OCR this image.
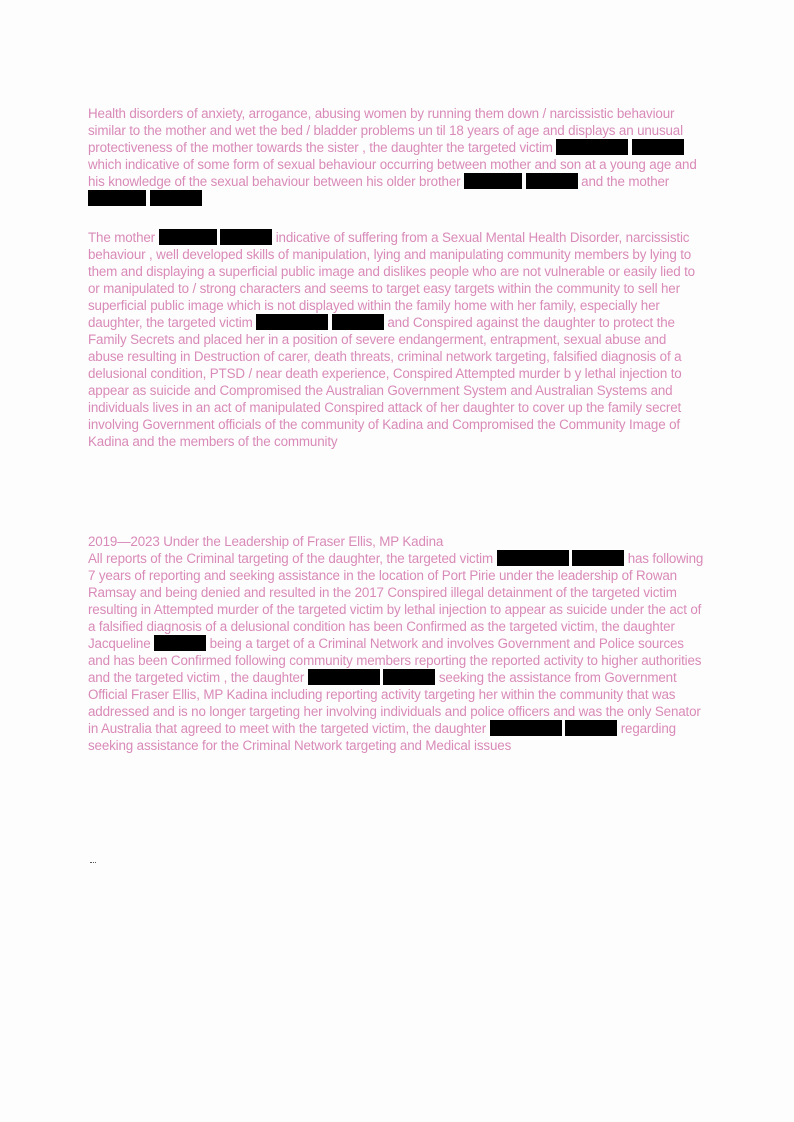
Health disorders of anxiety, arrogance, abusing women by running them down / narcissistic behaviour similar to the mother and wet the bed / bladder problems un til 18 years of age and displays an unusual protectiveness of the mother towards the sister , the daughter the targeted victim   which indicative of some form of sexual behaviour occurring between mother and son at a young age and his knowledge of the sexual behaviour between his older brother	and the mother

The mother	indicative of suffering from a Sexual Mental Health Disorder, narcissistic behaviour , well developed skills of manipulation, lying and manipulating community members by lying to them and displaying a superficial public image and dislikes people who are not vulnerable or easily lied to or manipulated to / strong characters and seems to target easy targets within the community to sell her superficial public image which is not displayed within the family home with her family, especially her daughter, the targeted victim	and Conspired against the daughter to protect the Family Secrets and placed her in a position of severe endangerment, entrapment, sexual abuse and abuse resulting in Destruction of carer, death threats, criminal network targeting, falsified diagnosis of a delusional condition, PTSD / near death experience, Conspired Attempted murder b y lethal injection to appear as suicide and Compromised the Australian Government System and Australian Systems and individuals lives in an act of manipulated Conspired attack of her daughter to cover up the family secret involving Government officials of the community of Kadina and Compromised the Community Image of Kadina and the members of the community

2019—2023 Under the Leadership of Fraser Ellis, MP Kadina
All reports of the Criminal targeting of the daughter, the targeted victim	has following 7 years of reporting and seeking assistance in the location of Port Pirie under the leadership of Rowan Ramsay and being denied and resulted in the 2017 Conspired illegal detainment of the targeted victim resulting in Attempted murder of the targeted victim by lethal injection to appear as suicide under the act of a falsified diagnosis of a delusional condition has been Confirmed as the targeted victim, the daughter Jacqueline	being a target of a Criminal Network and involves Government and Police sources and has been Confirmed following community members reporting the reported activity to higher authorities and the targeted victim , the daughter	seeking the assistance from Government Official Fraser Ellis, MP Kadina including reporting activity targeting her within the community that was addressed and is no longer targeting her involving individuals and police officers and was the only Senator in Australia that agreed to meet with the targeted victim, the daughter	regarding seeking assistance for the Criminal Network targeting and Medical issues
